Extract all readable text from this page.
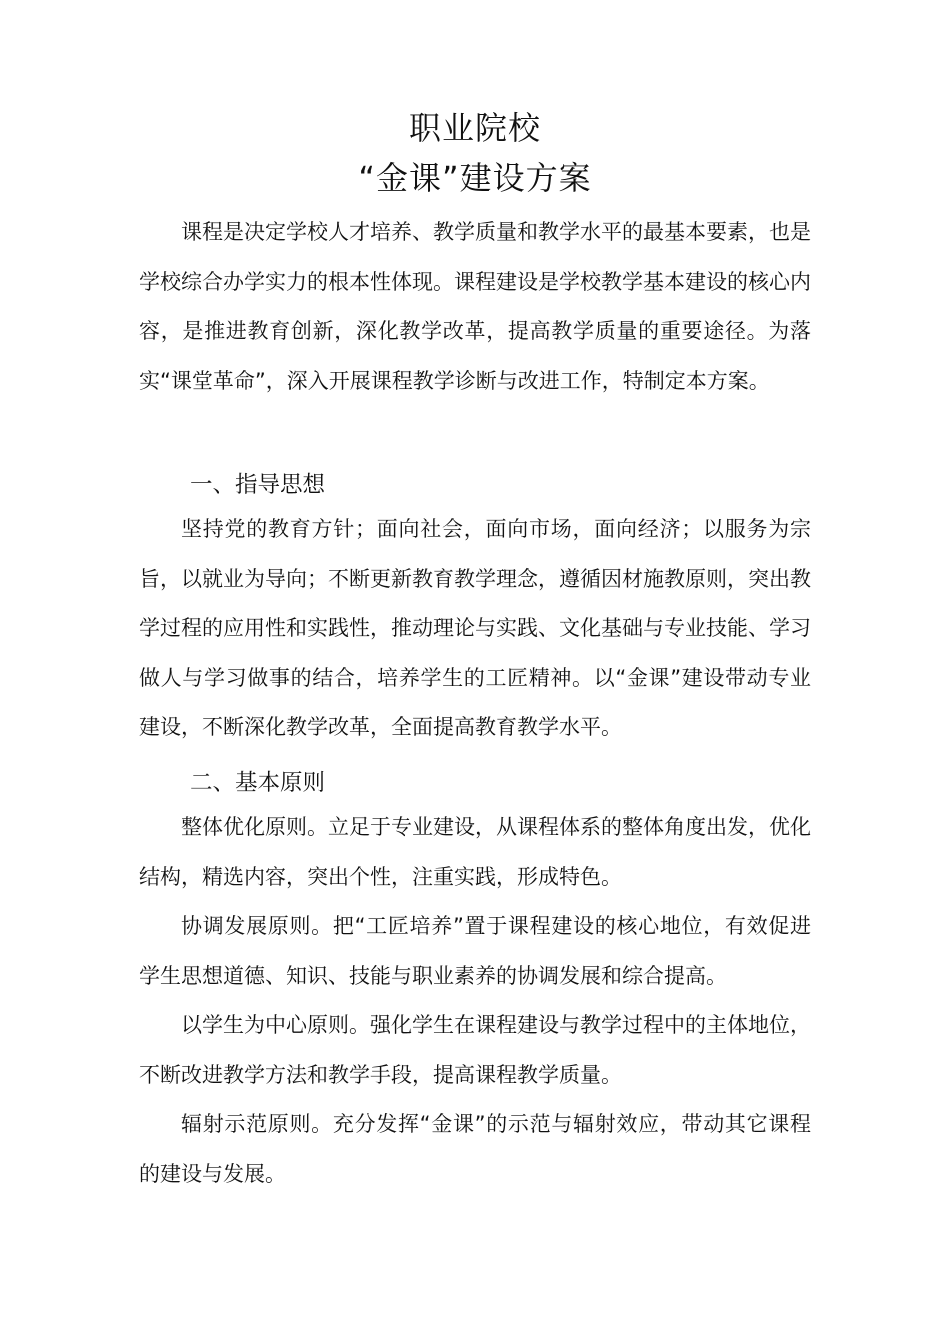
职业院校
“金课”建设方案

课程是决定学校人才培养、教学质量和教学水平的最基本要素，也是学校综合办学实力的根本性体现。课程建设是学校教学基本建设的核心内容，是推进教育创新，深化教学改革，提高教学质量的重要途径。为落实“课堂革命”，深入开展课程教学诊断与改进工作，特制定本方案。

一、指导思想

坚持党的教育方针；面向社会，面向市场，面向经济；以服务为宗旨，以就业为导向；不断更新教育教学理念，遵循因材施教原则，突出教学过程的应用性和实践性，推动理论与实践、文化基础与专业技能、学习做人与学习做事的结合，培养学生的工匠精神。以“金课”建设带动专业建设，不断深化教学改革，全面提高教育教学水平。

二、基本原则

整体优化原则。立足于专业建设，从课程体系的整体角度出发，优化结构，精选内容，突出个性，注重实践，形成特色。

协调发展原则。把“工匠培养”置于课程建设的核心地位，有效促进学生思想道德、知识、技能与职业素养的协调发展和综合提高。

以学生为中心原则。强化学生在课程建设与教学过程中的主体地位，不断改进教学方法和教学手段，提高课程教学质量。

辐射示范原则。充分发挥“金课”的示范与辐射效应，带动其它课程的建设与发展。
